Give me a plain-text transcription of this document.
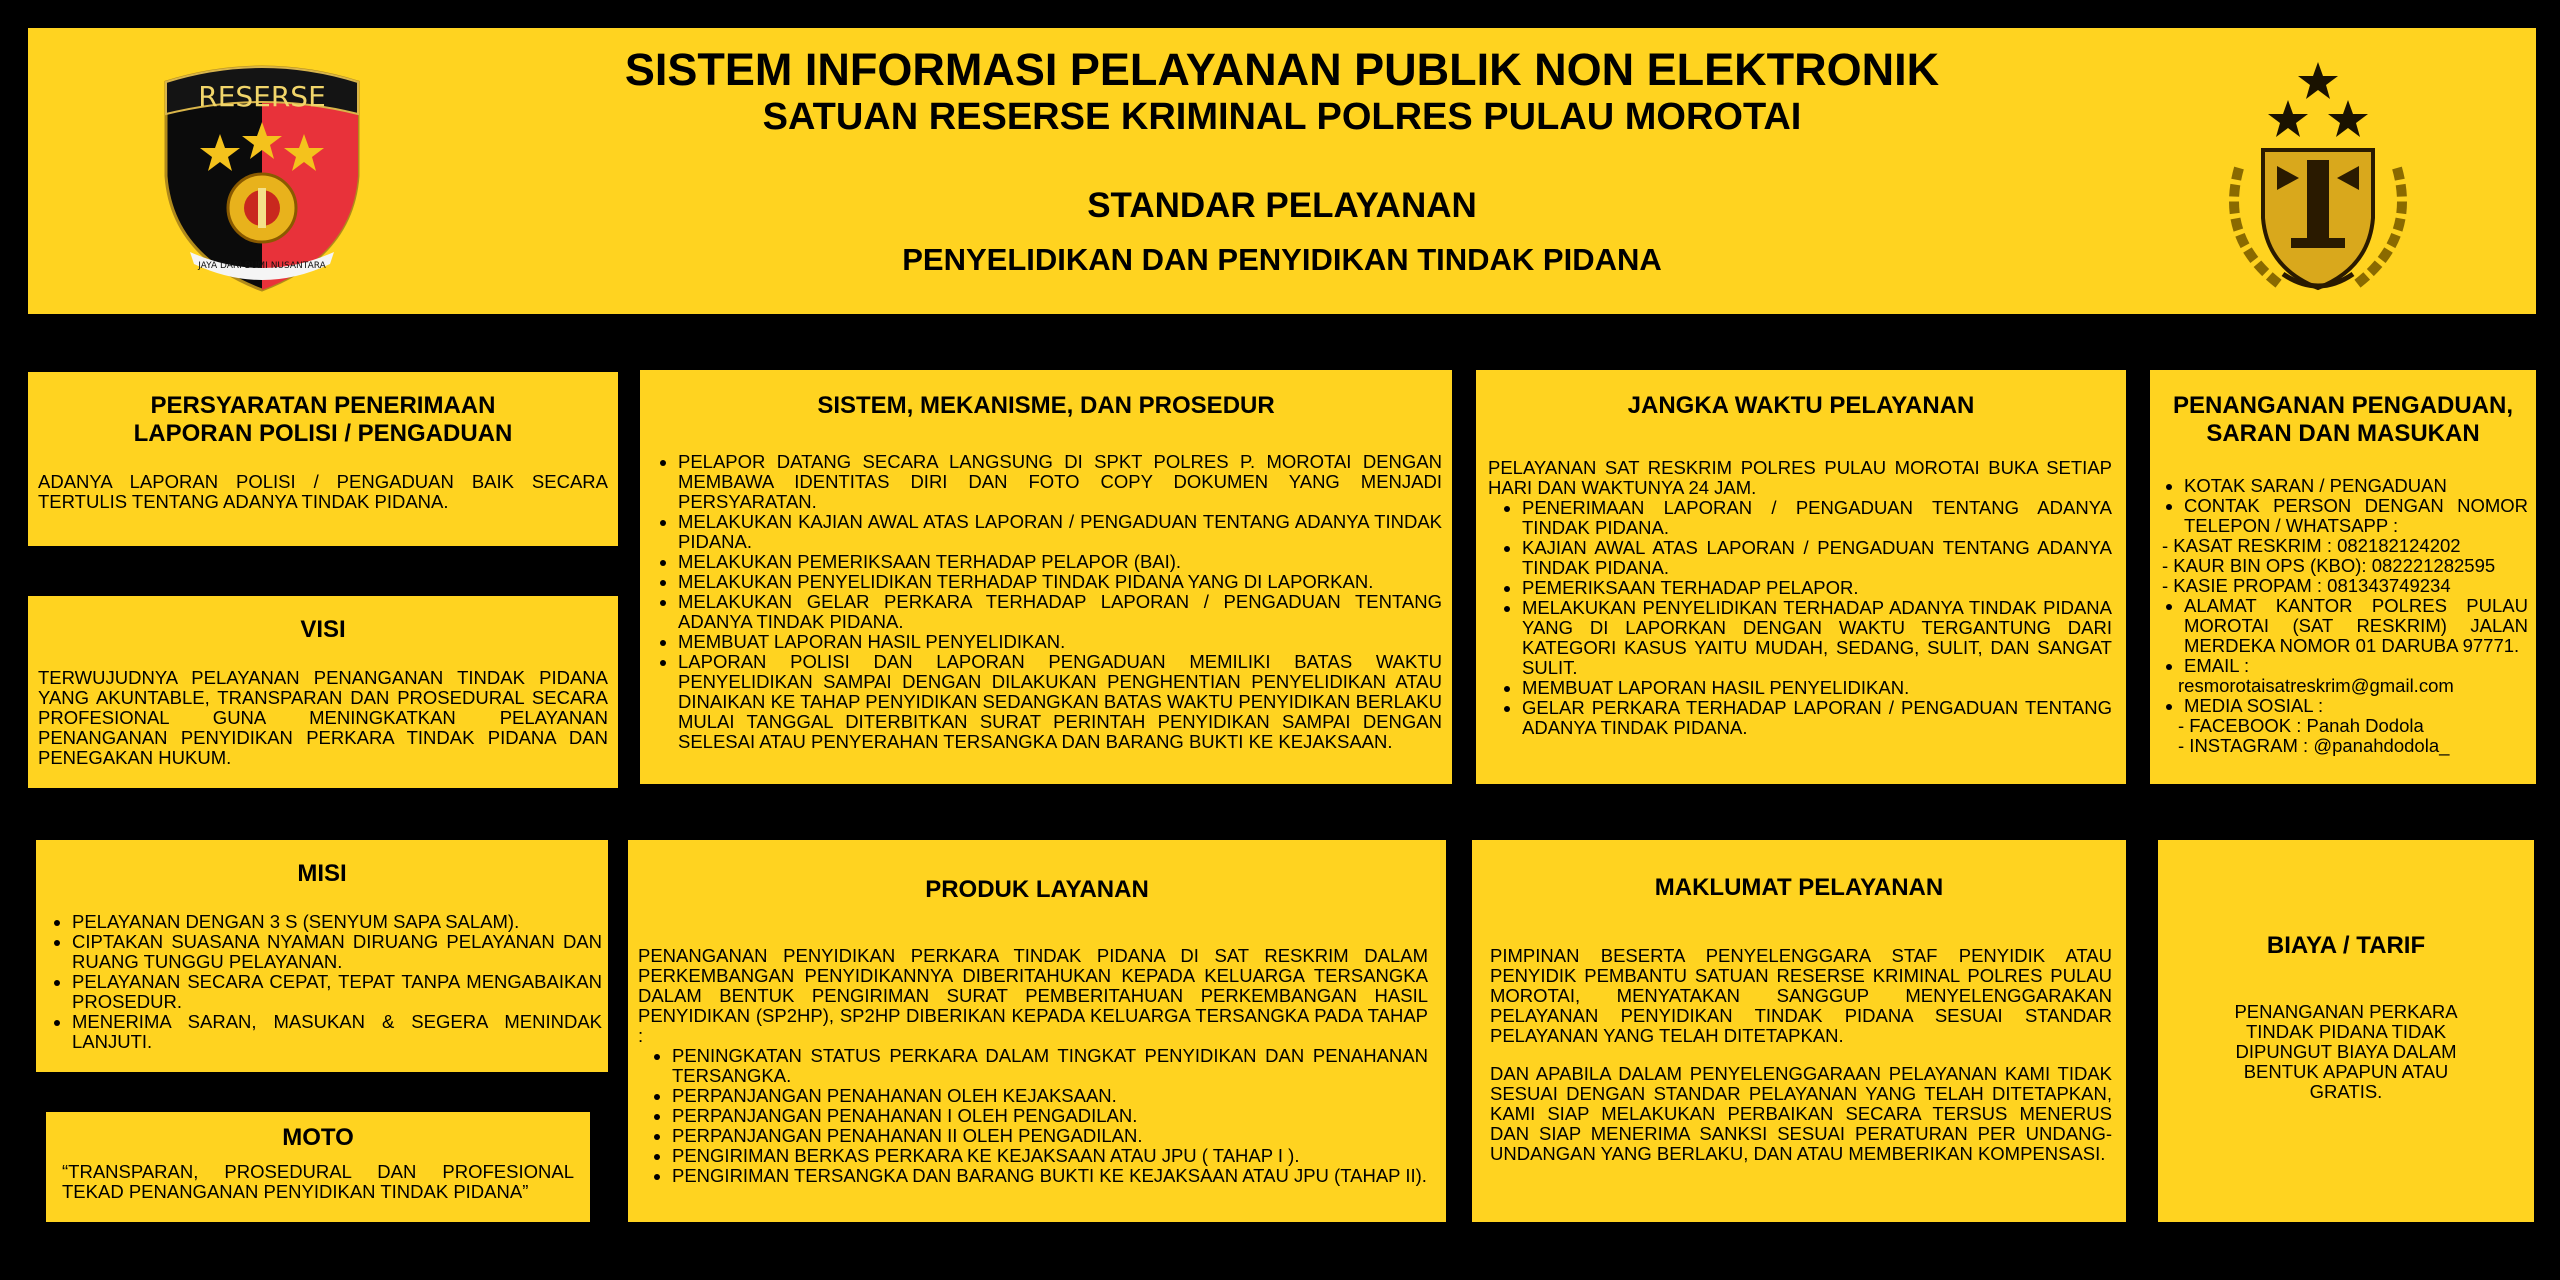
RESERSE
JAYA DARI BUMI NUSANTARA
SISTEM INFORMASI PELAYANAN PUBLIK NON ELEKTRONIK
SATUAN RESERSE KRIMINAL POLRES PULAU MOROTAI
STANDAR PELAYANAN
PENYELIDIKAN DAN PENYIDIKAN TINDAK PIDANA
PERSYARATAN PENERIMAAN
LAPORAN POLISI / PENGADUAN

ADANYA LAPORAN POLISI / PENGADUAN BAIK SECARA TERTULIS TENTANG ADANYA TINDAK PIDANA.

VISI

TERWUJUDNYA PELAYANAN PENANGANAN TINDAK PIDANA YANG AKUNTABLE, TRANSPARAN DAN PROSEDURAL SECARA PROFESIONAL GUNA MENINGKATKAN PELAYANAN PENANGANAN PENYIDIKAN PERKARA TINDAK PIDANA DAN PENEGAKAN HUKUM.

SISTEM, MEKANISME, DAN PROSEDUR
• PELAPOR DATANG SECARA LANGSUNG DI SPKT POLRES P. MOROTAI DENGAN MEMBAWA IDENTITAS DIRI DAN FOTO COPY DOKUMEN YANG MENJADI PERSYARATAN.
• MELAKUKAN KAJIAN AWAL ATAS LAPORAN / PENGADUAN TENTANG ADANYA TINDAK PIDANA.
• MELAKUKAN PEMERIKSAAN TERHADAP PELAPOR (BAI).
• MELAKUKAN PENYELIDIKAN TERHADAP TINDAK PIDANA YANG DI LAPORKAN.
• MELAKUKAN GELAR PERKARA TERHADAP LAPORAN / PENGADUAN TENTANG ADANYA TINDAK PIDANA.
• MEMBUAT LAPORAN HASIL PENYELIDIKAN.
• LAPORAN POLISI DAN LAPORAN PENGADUAN MEMILIKI BATAS WAKTU PENYELIDIKAN SAMPAI DENGAN DILAKUKAN PENGHENTIAN PENYELIDIKAN ATAU DINAIKAN KE TAHAP PENYIDIKAN SEDANGKAN BATAS WAKTU PENYIDIKAN BERLAKU MULAI TANGGAL DITERBITKAN SURAT PERINTAH PENYIDIKAN SAMPAI DENGAN SELESAI ATAU PENYERAHAN TERSANGKA DAN BARANG BUKTI KE KEJAKSAAN.
JANGKA WAKTU PELAYANAN

PELAYANAN SAT RESKRIM POLRES PULAU MOROTAI BUKA SETIAP HARI DAN WAKTUNYA 24 JAM.

• PENERIMAAN LAPORAN / PENGADUAN TENTANG ADANYA TINDAK PIDANA.
• KAJIAN AWAL ATAS LAPORAN / PENGADUAN TENTANG ADANYA TINDAK PIDANA.
• PEMERIKSAAN TERHADAP PELAPOR.
• MELAKUKAN PENYELIDIKAN TERHADAP ADANYA TINDAK PIDANA YANG DI LAPORKAN DENGAN WAKTU TERGANTUNG DARI KATEGORI KASUS YAITU MUDAH, SEDANG, SULIT, DAN SANGAT SULIT.
• MEMBUAT LAPORAN HASIL PENYELIDIKAN.
• GELAR PERKARA TERHADAP LAPORAN / PENGADUAN TENTANG ADANYA TINDAK PIDANA.
PENANGANAN PENGADUAN,
SARAN DAN MASUKAN
• KOTAK SARAN / PENGADUAN
• CONTAK PERSON DENGAN NOMOR TELEPON / WHATSAPP :
- KASAT RESKRIM : 082182124202
- KAUR BIN OPS (KBO): 082221282595
- KASIE PROPAM : 081343749234
• ALAMAT KANTOR POLRES PULAU MOROTAI (SAT RESKRIM) JALAN MERDEKA NOMOR 01 DARUBA 97771.
• EMAIL :
resmorotaisatreskrim@gmail.com
• MEDIA SOSIAL :
- FACEBOOK : Panah Dodola
- INSTAGRAM : @panahdodola_
MISI
• PELAYANAN DENGAN 3 S (SENYUM SAPA SALAM).
• CIPTAKAN SUASANA NYAMAN DIRUANG PELAYANAN DAN RUANG TUNGGU PELAYANAN.
• PELAYANAN SECARA CEPAT, TEPAT TANPA MENGABAIKAN PROSEDUR.
• MENERIMA SARAN, MASUKAN & SEGERA MENINDAK LANJUTI.
MOTO

“TRANSPARAN, PROSEDURAL DAN PROFESIONAL TEKAD PENANGANAN PENYIDIKAN TINDAK PIDANA”

PRODUK LAYANAN

PENANGANAN PENYIDIKAN PERKARA TINDAK PIDANA DI SAT RESKRIM DALAM PERKEMBANGAN PENYIDIKANNYA DIBERITAHUKAN KEPADA KELUARGA TERSANGKA DALAM BENTUK PENGIRIMAN SURAT PEMBERITAHUAN PERKEMBANGAN HASIL PENYIDIKAN (SP2HP), SP2HP DIBERIKAN KEPADA KELUARGA TERSANGKA PADA TAHAP :

• PENINGKATAN STATUS PERKARA DALAM TINGKAT PENYIDIKAN DAN PENAHANAN TERSANGKA.
• PERPANJANGAN PENAHANAN OLEH KEJAKSAAN.
• PERPANJANGAN PENAHANAN I OLEH PENGADILAN.
• PERPANJANGAN PENAHANAN II OLEH PENGADILAN.
• PENGIRIMAN BERKAS PERKARA KE KEJAKSAAN ATAU JPU ( TAHAP I ).
• PENGIRIMAN TERSANGKA DAN BARANG BUKTI KE KEJAKSAAN ATAU JPU (TAHAP II).
MAKLUMAT PELAYANAN

PIMPINAN BESERTA PENYELENGGARA STAF PENYIDIK ATAU PENYIDIK PEMBANTU SATUAN RESERSE KRIMINAL POLRES PULAU MOROTAI, MENYATAKAN SANGGUP MENYELENGGARAKAN PELAYANAN PENYIDIKAN TINDAK PIDANA SESUAI STANDAR PELAYANAN YANG TELAH DITETAPKAN.

DAN APABILA DALAM PENYELENGGARAAN PELAYANAN KAMI TIDAK SESUAI DENGAN STANDAR PELAYANAN YANG TELAH DITETAPKAN, KAMI SIAP MELAKUKAN PERBAIKAN SECARA TERSUS MENERUS DAN SIAP MENERIMA SANKSI SESUAI PERATURAN PER UNDANG-UNDANGAN YANG BERLAKU, DAN ATAU MEMBERIKAN KOMPENSASI.

BIAYA / TARIF

PENANGANAN PERKARA TINDAK PIDANA TIDAK DIPUNGUT BIAYA DALAM BENTUK APAPUN ATAU GRATIS.
